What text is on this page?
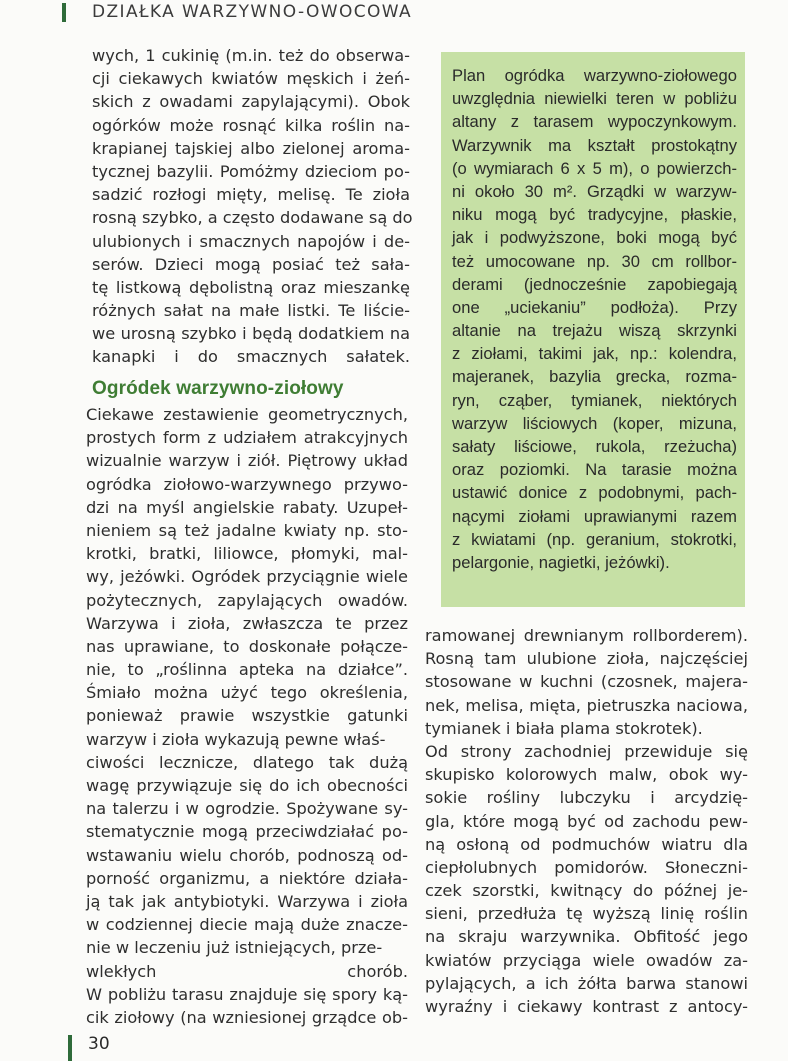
DZIAŁKA WARZYWNO-OWOCOWA
wych, 1 cukinię (m.in. też do obserwa-
cji ciekawych kwiatów męskich i żeń-
skich z owadami zapylającymi). Obok
ogórków może rosnąć kilka roślin na-
krapianej tajskiej albo zielonej aroma-
tycznej bazylii. Pomóżmy dzieciom po-
sadzić rozłogi mięty, melisę. Te zioła
rosną szybko, a często dodawane są do
ulubionych i smacznych napojów i de-
serów. Dzieci mogą posiać też sała-
tę listkową dębolistną oraz mieszankę
różnych sałat na małe listki. Te liście-
we urosną szybko i będą dodatkiem na
kanapki i do smacznych sałatek.
Ogródek warzywno-ziołowy
Ciekawe zestawienie geometrycznych,
prostych form z udziałem atrakcyjnych
wizualnie warzyw i ziół. Piętrowy układ
ogródka ziołowo-warzywnego przywo-
dzi na myśl angielskie rabaty. Uzupeł-
nieniem są też jadalne kwiaty np. sto-
krotki, bratki, liliowce, płomyki, mal-
wy, jeżówki. Ogródek przyciągnie wiele
pożytecznych, zapylających owadów.
Warzywa i zioła, zwłaszcza te przez
nas uprawiane, to doskonałe połącze-
nie, to „roślinna apteka na działce”.
Śmiało można użyć tego określenia,
ponieważ prawie wszystkie gatunki
warzyw i zioła wykazują pewne właś-
ciwości lecznicze, dlatego tak dużą
wagę przywiązuje się do ich obecności
na talerzu i w ogrodzie. Spożywane sy-
stematycznie mogą przeciwdziałać po-
wstawaniu wielu chorób, podnoszą od-
porność organizmu, a niektóre działa-
ją tak jak antybiotyki. Warzywa i zioła
w codziennej diecie mają duże znacze-
nie w leczeniu już istniejących, prze-
wlekłych chorób.
W pobliżu tarasu znajduje się spory ką-
cik ziołowy (na wzniesionej grządce ob-
Plan ogródka warzywno-ziołowego
uwzględnia niewielki teren w pobliżu
altany z tarasem wypoczynkowym.
Warzywnik ma kształt prostokątny
(o wymiarach 6 x 5 m), o powierzch-
ni około 30 m². Grządki w warzyw-
niku mogą być tradycyjne, płaskie,
jak i podwyższone, boki mogą być
też umocowane np. 30 cm rollbor-
derami (jednocześnie zapobiegają
one „uciekaniu” podłoża). Przy
altanie na trejażu wiszą skrzynki
z ziołami, takimi jak, np.: kolendra,
majeranek, bazylia grecka, rozma-
ryn, cząber, tymianek, niektórych
warzyw liściowych (koper, mizuna,
sałaty liściowe, rukola, rzeżucha)
oraz poziomki. Na tarasie można
ustawić donice z podobnymi, pach-
nącymi ziołami uprawianymi razem
z kwiatami (np. geranium, stokrotki,
pelargonie, nagietki, jeżówki).
ramowanej drewnianym rollborderem).
Rosną tam ulubione zioła, najczęściej
stosowane w kuchni (czosnek, majera-
nek, melisa, mięta, pietruszka naciowa,
tymianek i biała plama stokrotek).
Od strony zachodniej przewiduje się
skupisko kolorowych malw, obok wy-
sokie rośliny lubczyku i arcydzię-
gla, które mogą być od zachodu pew-
ną osłoną od podmuchów wiatru dla
ciepłolubnych pomidorów. Słoneczni-
czek szorstki, kwitnący do późnej je-
sieni, przedłuża tę wyższą linię roślin
na skraju warzywnika. Obfitość jego
kwiatów przyciąga wiele owadów za-
pylających, a ich żółta barwa stanowi
wyraźny i ciekawy kontrast z antocy-
30
